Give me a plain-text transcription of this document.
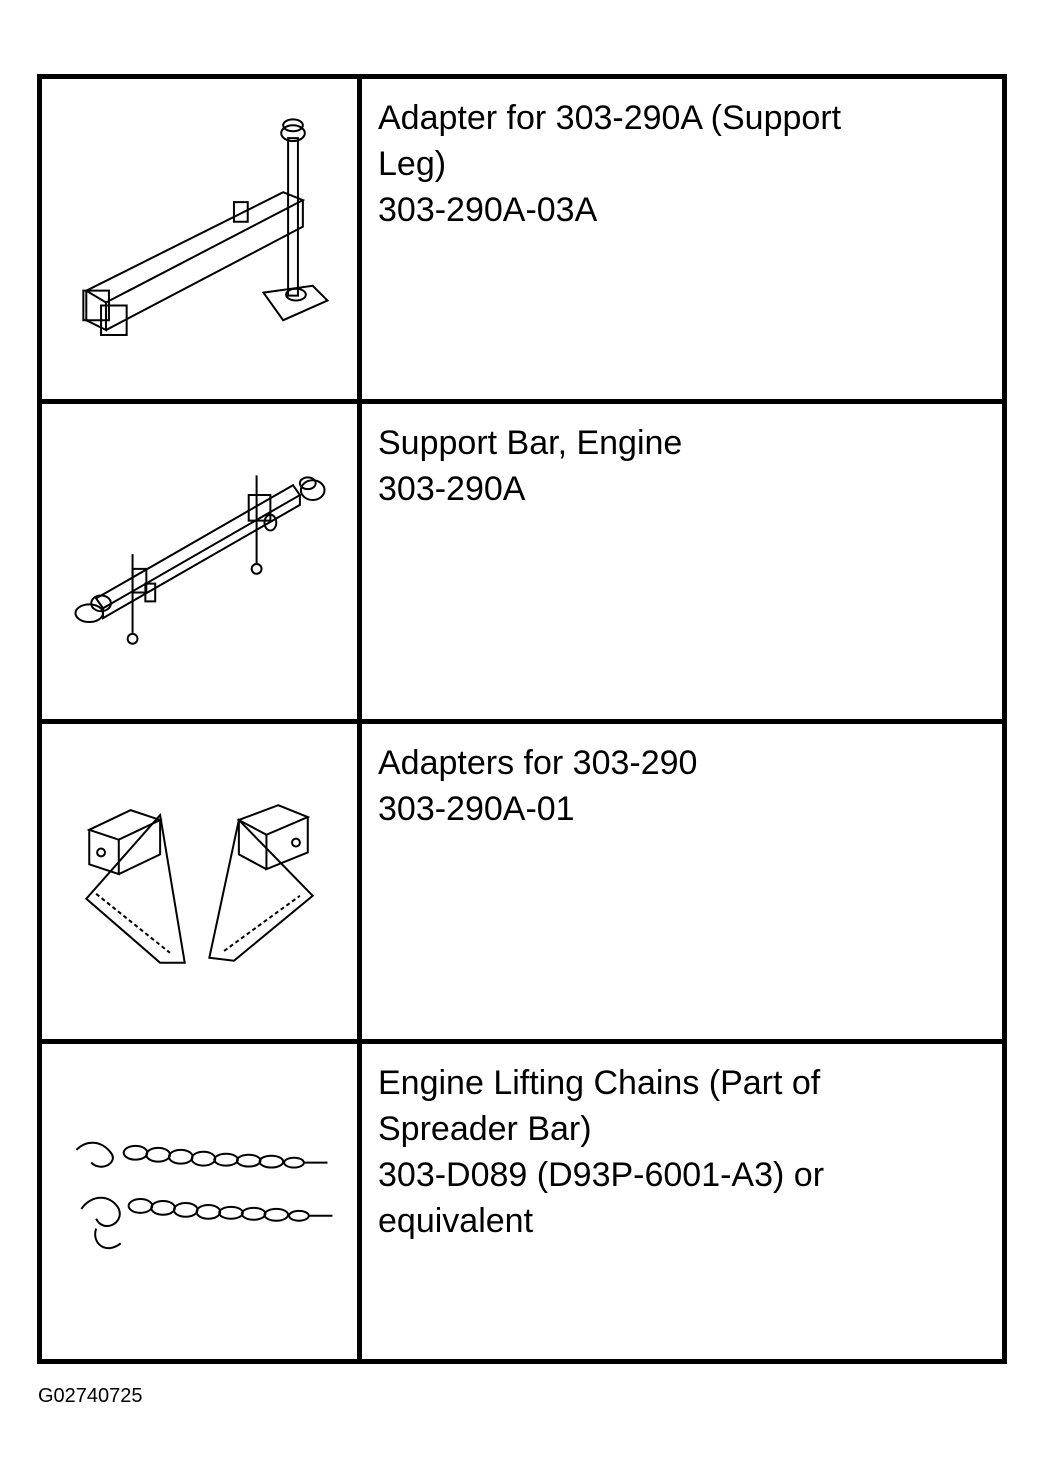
Adapter for 303-290A (Support
Leg)
303-290A-03A
Support Bar, Engine
303-290A
Adapters for 303-290
303-290A-01
Engine Lifting Chains (Part of
Spreader Bar)
303-D089 (D93P-6001-A3) or
equivalent
G02740725
